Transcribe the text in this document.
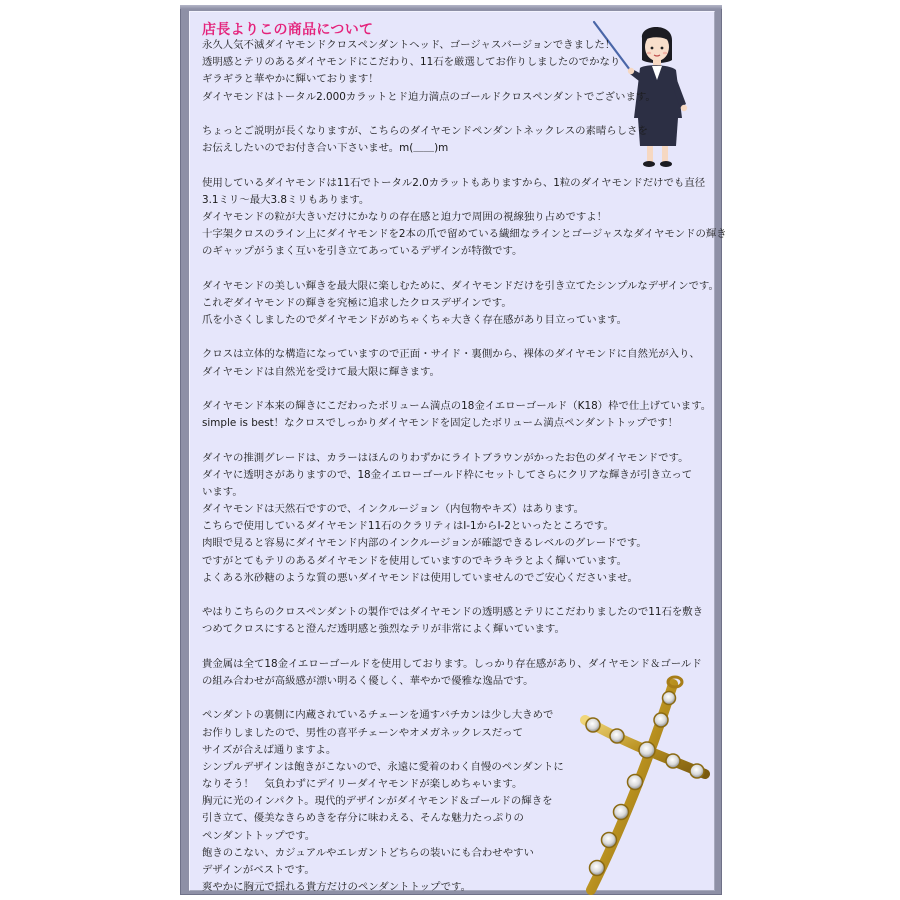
店長よりこの商品について
永久人気不滅ダイヤモンドクロスペンダントヘッド、ゴージャスバージョンできました！
透明感とテリのあるダイヤモンドにこだわり、11石を厳選してお作りしましたのでかなり
ギラギラと華やかに輝いております！
ダイヤモンドはトータル2.000カラットとド迫力満点のゴールドクロスペンダントでございます。
ちょっとご説明が長くなりますが、こちらのダイヤモンドペンダントネックレスの素晴らしさを
お伝えしたいのでお付き合い下さいませ。m(＿＿)m
使用しているダイヤモンドは11石でトータル2.0カラットもありますから、1粒のダイヤモンドだけでも直径
3.1ミリ～最大3.8ミリもあります。
ダイヤモンドの粒が大きいだけにかなりの存在感と迫力で周囲の視線独り占めですよ！
十字架クロスのライン上にダイヤモンドを2本の爪で留めている繊細なラインとゴージャスなダイヤモンドの輝き
のギャップがうまく互いを引き立てあっているデザインが特徴です。
ダイヤモンドの美しい輝きを最大限に楽しむために、ダイヤモンドだけを引き立てたシンプルなデザインです。
これぞダイヤモンドの輝きを究極に追求したクロスデザインです。
爪を小さくしましたのでダイヤモンドがめちゃくちゃ大きく存在感があり目立っています。
クロスは立体的な構造になっていますので正面・サイド・裏側から、裸体のダイヤモンドに自然光が入り、
ダイヤモンドは自然光を受けて最大限に輝きます。
ダイヤモンド本来の輝きにこだわったボリューム満点の18金イエローゴールド（K18）枠で仕上げています。
simple is best！なクロスでしっかりダイヤモンドを固定したボリューム満点ペンダントトップです！
ダイヤの推測グレードは、カラーはほんのりわずかにライトブラウンがかったお色のダイヤモンドです。
ダイヤに透明さがありますので、18金イエローゴールド枠にセットしてさらにクリアな輝きが引き立って
います。
ダイヤモンドは天然石ですので、インクルージョン（内包物やキズ）はあります。
こちらで使用しているダイヤモンド11石のクラリティはI-1からI-2といったところです。
肉眼で見ると容易にダイヤモンド内部のインクルージョンが確認できるレベルのグレードです。
ですがとてもテリのあるダイヤモンドを使用していますのでキラキラとよく輝いています。
よくある氷砂糖のような質の悪いダイヤモンドは使用していませんのでご安心くださいませ。
やはりこちらのクロスペンダントの製作ではダイヤモンドの透明感とテリにこだわりましたので11石を敷き
つめてクロスにすると澄んだ透明感と強烈なテリが非常によく輝いています。
貴金属は全て18金イエローゴールドを使用しております。しっかり存在感があり、ダイヤモンド＆ゴールド
の組み合わせが高級感が漂い明るく優しく、華やかで優雅な逸品です。
ペンダントの裏側に内蔵されているチェーンを通すバチカンは少し大きめで
お作りしましたので、男性の喜平チェーンやオメガネックレスだって
サイズが合えば通りますよ。
シンプルデザインは飽きがこないので、永遠に愛着のわく自慢のペンダントに
なりそう！　気負わずにデイリーダイヤモンドが楽しめちゃいます。
胸元に光のインパクト。現代的デザインがダイヤモンド＆ゴールドの輝きを
引き立て、優美なきらめきを存分に味わえる、そんな魅力たっぷりの
ペンダントトップです。
飽きのこない、カジュアルやエレガントどちらの装いにも合わせやすい
デザインがベストです。
爽やかに胸元で揺れる貴方だけのペンダントトップです。
